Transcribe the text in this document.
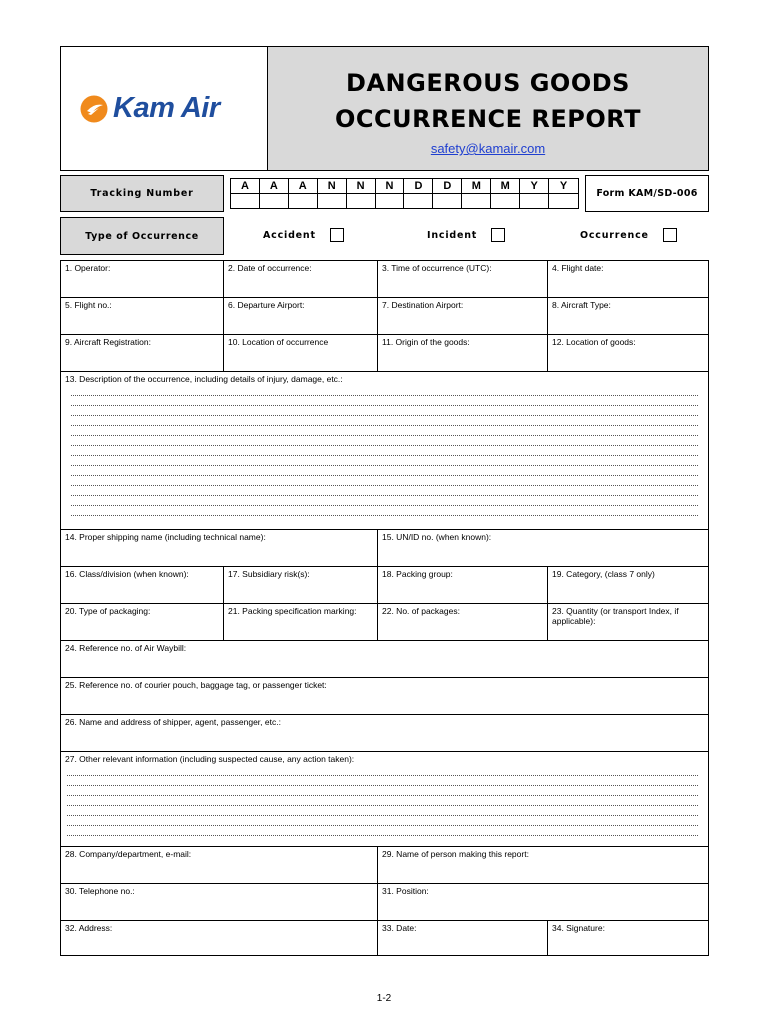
Kam Air
DANGEROUS GOODS
OCCURRENCE REPORT
safety@kamair.com
Tracking Number
A	A	A	N	N	N	D	D	M	M	Y	Y
Form KAM/SD-006
Type of Occurrence	Accident	Incident	Occurrence
1. Operator:	2. Date of occurrence:	3. Time of occurrence (UTC):	4. Flight date:
5. Flight no.:	6. Departure Airport:	7. Destination Airport:	8. Aircraft Type:
9. Aircraft Registration:	10. Location of occurrence	11. Origin of the goods:	12. Location of goods:
13. Description of the occurrence, including details of injury, damage, etc.:
14. Proper shipping name (including technical name):	15. UN/ID no. (when known):
16. Class/division (when known):	17. Subsidiary risk(s):	18. Packing group:	19. Category, (class 7 only)
20. Type of packaging:	21. Packing specification marking:	22. No. of packages:	23. Quantity (or transport Index, if applicable):
24. Reference no. of Air Waybill:
25. Reference no. of courier pouch, baggage tag, or passenger ticket:
26. Name and address of shipper, agent, passenger, etc.:
27. Other relevant information (including suspected cause, any action taken):
28. Company/department, e-mail:	29. Name of person making this report:
30. Telephone no.:	31. Position:
32. Address:	33. Date:	34. Signature:
1-2
